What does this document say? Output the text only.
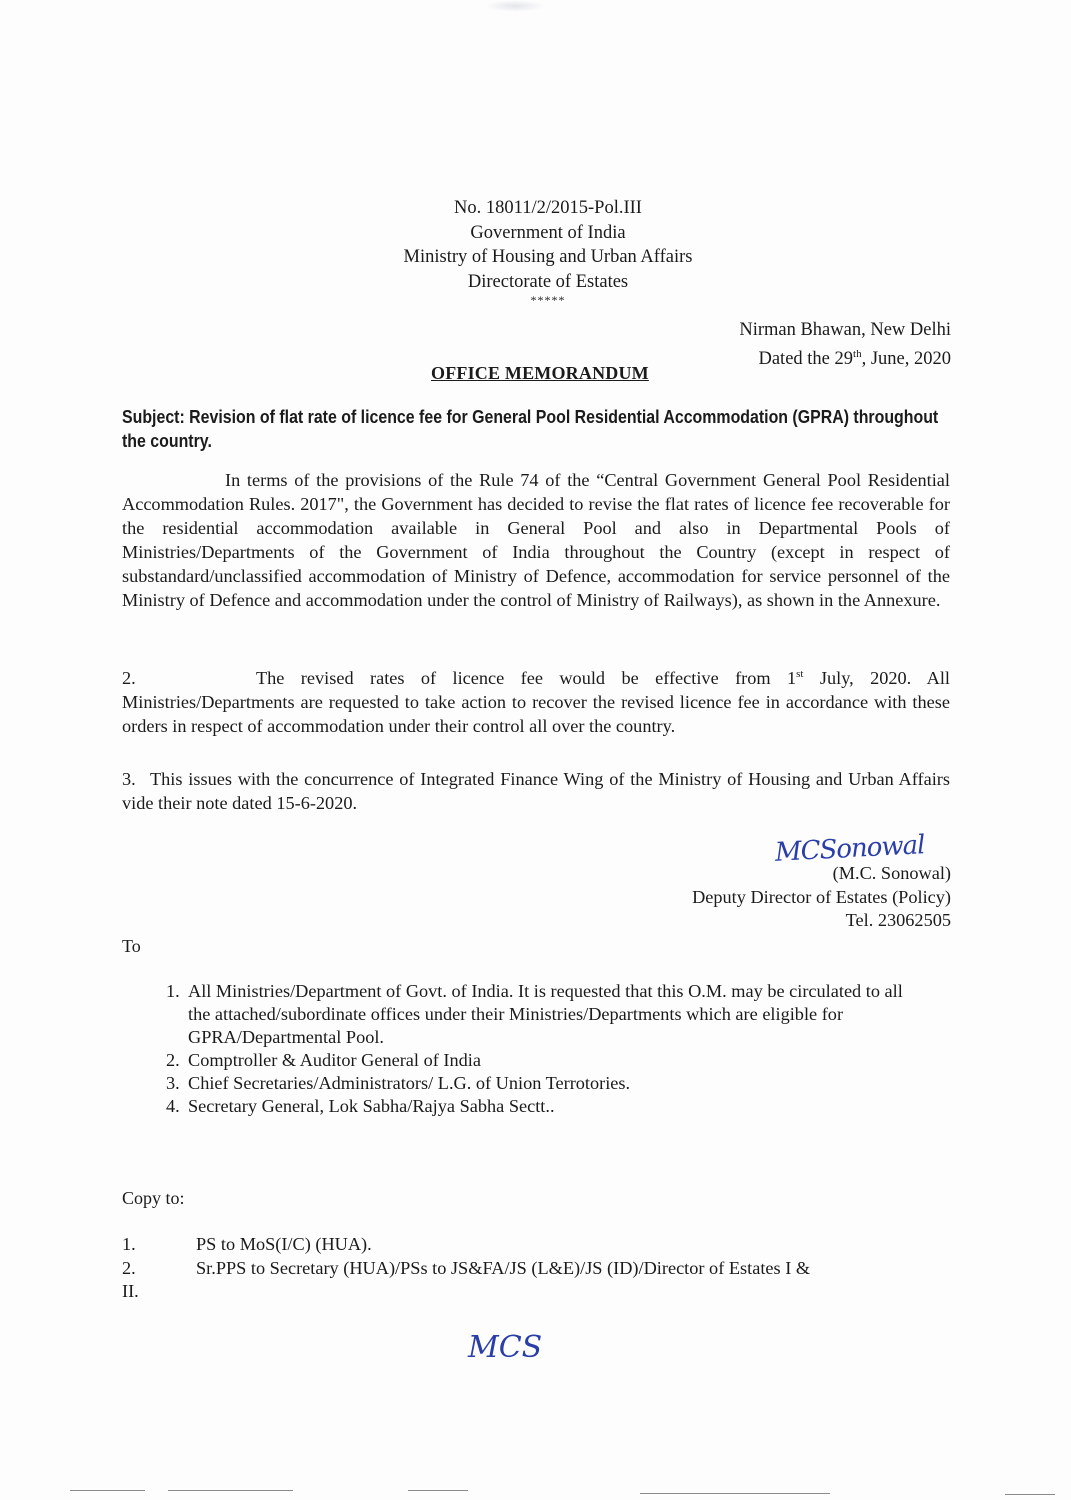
No. 18011/2/2015-Pol.III
Government of India
Ministry of Housing and Urban Affairs
Directorate of Estates
*****
Nirman Bhawan, New Delhi
Dated the 29th, June, 2020
OFFICE MEMORANDUM
Subject: Revision of flat rate of licence fee for General Pool Residential Accommodation (GPRA) throughout the country.
In terms of the provisions of the Rule 74 of the “Central Government General Pool Residential Accommodation Rules. 2017", the Government has decided to revise the flat rates of licence fee recoverable for the residential accommodation available in General Pool and also in Departmental Pools of Ministries/Departments of the Government of India throughout the Country (except in respect of substandard/unclassified accommodation of Ministry of Defence, accommodation for service personnel of the Ministry of Defence and accommodation under the control of Ministry of Railways), as shown in the Annexure.
2.	The revised rates of licence fee would be effective from 1st July, 2020. All Ministries/Departments are requested to take action to recover the revised licence fee in accordance with these orders in respect of accommodation under their control all over the country.
3. This issues with the concurrence of Integrated Finance Wing of the Ministry of Housing and Urban Affairs vide their note dated 15-6-2020.
MCSonowal
(M.C. Sonowal)
Deputy Director of Estates (Policy)
Tel. 23062505
To
1. All Ministries/Department of Govt. of India. It is requested that this O.M. may be circulated to all the attached/subordinate offices under their Ministries/Departments which are eligible for GPRA/Departmental Pool.
2. Comptroller & Auditor General of India
3. Chief Secretaries/Administrators/ L.G. of Union Terrotories.
4. Secretary General, Lok Sabha/Rajya Sabha Sectt..
Copy to:
1.	PS to MoS(I/C) (HUA).
2.	Sr.PPS to Secretary (HUA)/PSs to JS&FA/JS (L&E)/JS (ID)/Director of Estates I &
II.
MCS
